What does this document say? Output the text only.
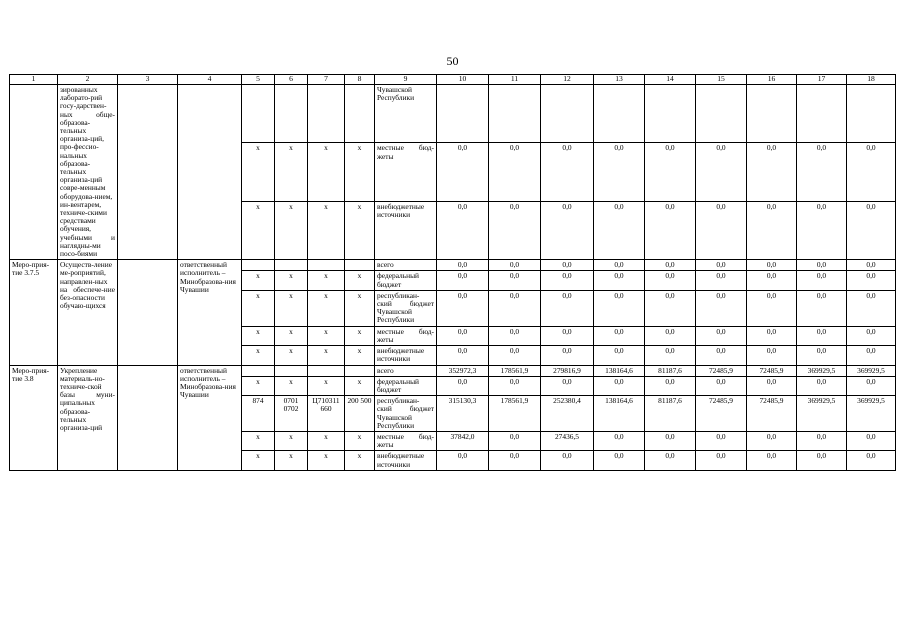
50
1	2	3	4	5	6	7	8	9	10	11	12	13	14	15	16	17	18
	зированных лаборато-рий госу-дарствен-ных обще-образова-тельных организа-ций, про-фессио-нальных образова-тельных организа-ций совре-менным оборудова-нием, ин-вентарем, техниче-скими средствами обучения, учебными и наглядны-ми посо-биями							Чувашской Республики									
				х	х	х	х	местные бюд-жеты	0,0	0,0	0,0	0,0	0,0	0,0	0,0	0,0	0,0
				х	х	х	х	внебюджетные источники	0,0	0,0	0,0	0,0	0,0	0,0	0,0	0,0	0,0
Меро-прия-тие 3.7.5	Осуществ-ление ме-роприятий, направлен-ных на обеспече-ние без-опасности обучаю-щихся		ответственный исполнитель – Минобразова-ния Чувашии					всего	0,0	0,0	0,0	0,0	0,0	0,0	0,0	0,0	0,0
				х	х	х	х	федеральный бюджет	0,0	0,0	0,0	0,0	0,0	0,0	0,0	0,0	0,0
				х	х	х	х	республикан-ский бюджет Чувашской Республики	0,0	0,0	0,0	0,0	0,0	0,0	0,0	0,0	0,0
				х	х	х	х	местные бюд-жеты	0,0	0,0	0,0	0,0	0,0	0,0	0,0	0,0	0,0
				х	х	х	х	внебюджетные источники	0,0	0,0	0,0	0,0	0,0	0,0	0,0	0,0	0,0
Меро-прия-тие 3.8	Укрепление материаль-но-техниче-ской базы муни-ципальных образова-тельных организа-ций		ответственный исполнитель – Минобразова-ния Чувашии					всего	352972,3	178561,9	279816,9	138164,6	81187,6	72485,9	72485,9	369929,5	369929,5
				х	х	х	х	федеральный бюджет	0,0	0,0	0,0	0,0	0,0	0,0	0,0	0,0	0,0
				874	0701 0702	Ц710311 660	200 500	республикан-ский бюджет Чувашской Республики	315130,3	178561,9	252380,4	138164,6	81187,6	72485,9	72485,9	369929,5	369929,5
				х	х	х	х	местные бюд-жеты	37842,0	0,0	27436,5	0,0	0,0	0,0	0,0	0,0	0,0
				х	х	х	х	внебюджетные источники	0,0	0,0	0,0	0,0	0,0	0,0	0,0	0,0	0,0
